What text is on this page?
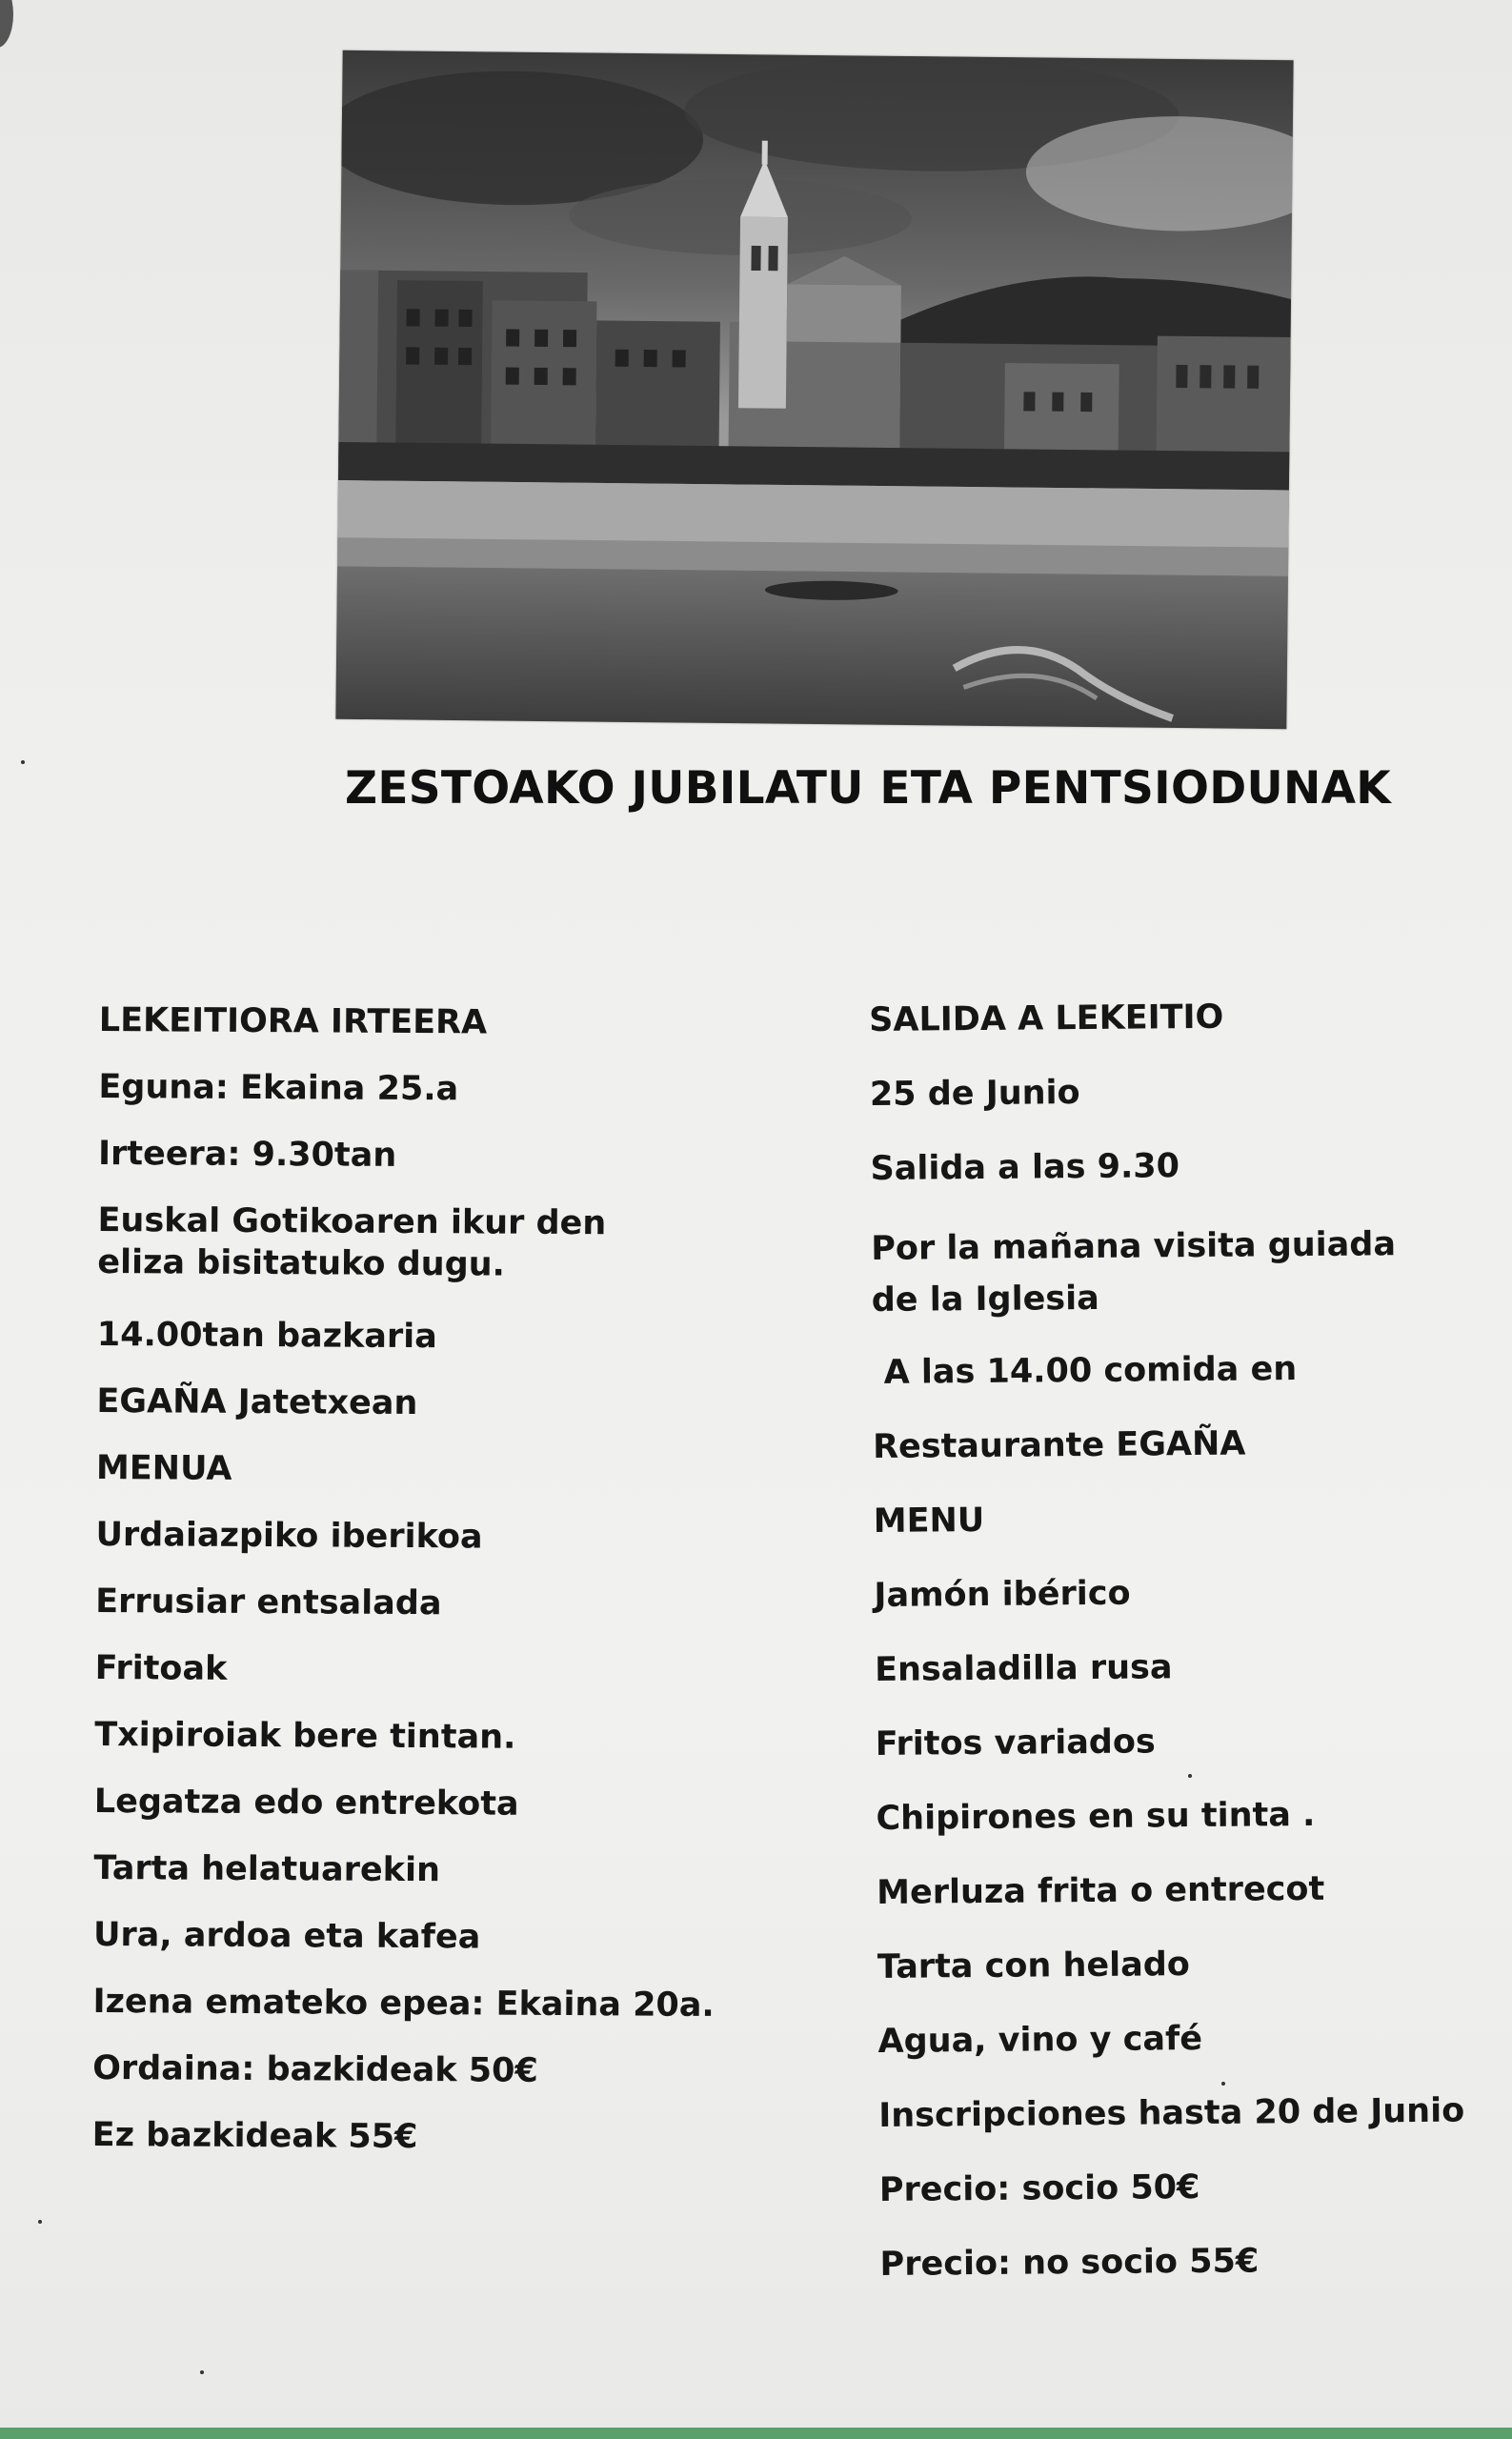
ZESTOAKO JUBILATU ETA PENTSIODUNAK
LEKEITIORA IRTEERA
Eguna: Ekaina 25.a
Irteera: 9.30tan
Euskal Gotikoaren ikur den eliza bisitatuko dugu.
14.00tan bazkaria
EGAÑA Jatetxean
MENUA
Urdaiazpiko iberikoa
Errusiar entsalada
Fritoak
Txipiroiak bere tintan.
Legatza edo entrekota
Tarta helatuarekin
Ura, ardoa eta kafea
Izena emateko epea: Ekaina 20a.
Ordaina: bazkideak 50€
Ez bazkideak 55€
SALIDA A LEKEITIO
25 de Junio
Salida a las 9.30
Por la mañana visita guiada de la Iglesia
A las 14.00 comida en
Restaurante EGAÑA
MENU
Jamón ibérico
Ensaladilla rusa
Fritos variados
Chipirones en su tinta .
Merluza frita o entrecot
Tarta con helado
Agua, vino y café
Inscripciones hasta 20 de Junio
Precio: socio 50€
Precio: no socio 55€
